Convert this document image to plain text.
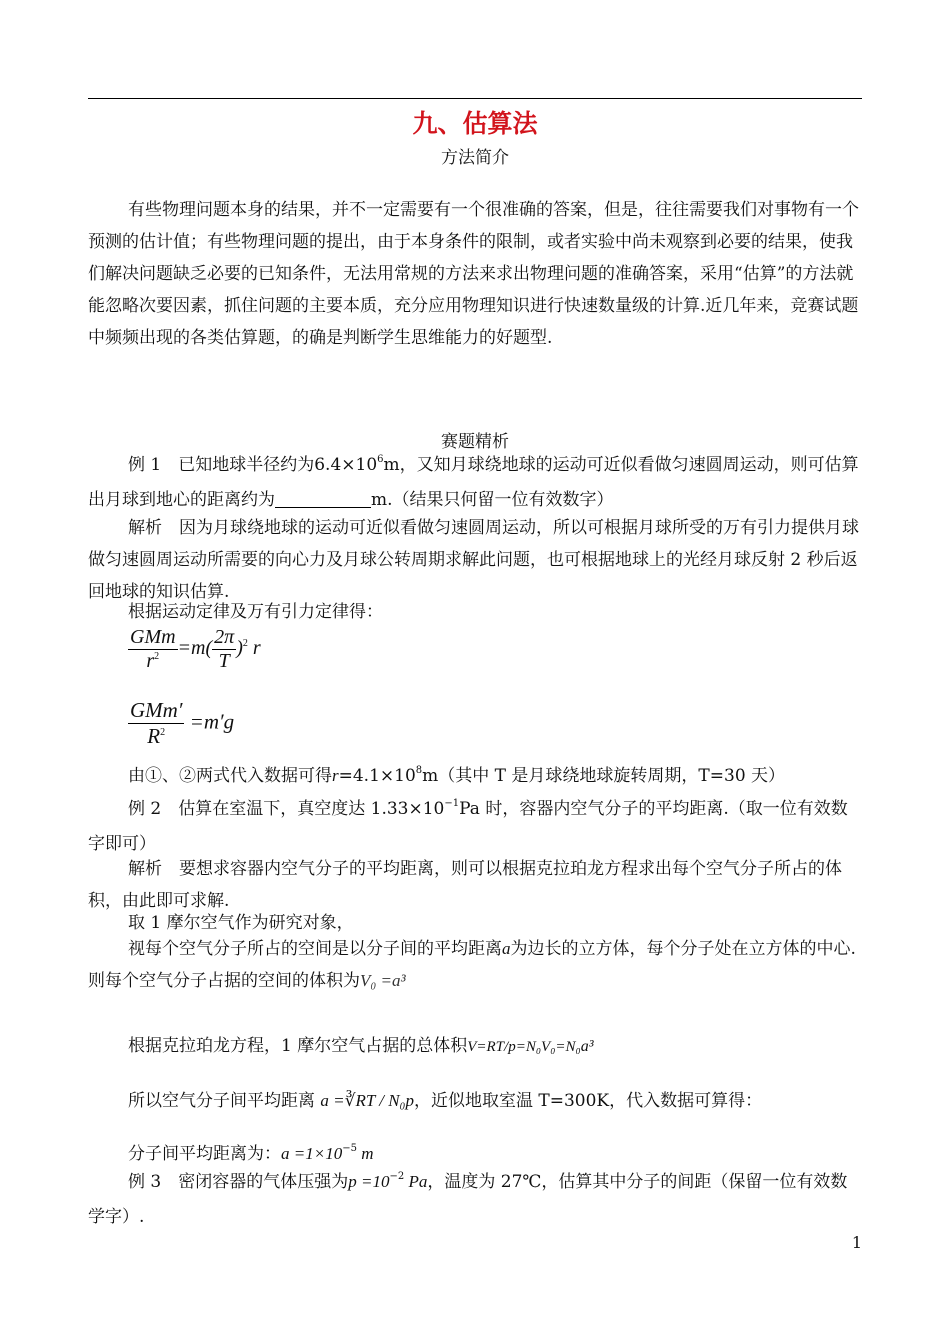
九、估算法
方法简介

有些物理问题本身的结果，并不一定需要有一个很准确的答案，但是，往往需要我们对事物有一个预测的估计值；有些物理问题的提出，由于本身条件的限制，或者实验中尚未观察到必要的结果，使我们解决问题缺乏必要的已知条件，无法用常规的方法来求出物理问题的准确答案，采用“估算”的方法就能忽略次要因素，抓住问题的主要本质，充分应用物理知识进行快速数量级的计算.近几年来，竞赛试题中频频出现的各类估算题，的确是判断学生思维能力的好题型.

赛题精析

例 1　已知地球半径约为$6.4\times 10^6m$，又知月球绕地球的运动可近似看做匀速圆周运动，则可估算出月球到地心的距离约为	m.（结果只何留一位有效数字）

解析　因为月球绕地球的运动可近似看做匀速圆周运动，所以可根据月球所受的万有引力提供月球做匀速圆周运动所需要的向心力及月球公转周期求解此问题，也可根据地球上的光经月球反射 2 秒后返回地球的知识估算.

根据运动定律及万有引力定律得：

$\frac{\text{GMm}}{r^2} =m( \frac{2\pi}{T} )^2$ r
$\frac{\text{GMm′}}{R^2} =m'g$

由①、②两式代入数据可得$r=4.1\times 10^8m$（其中 T 是月球绕地球旋转周期，T=30 天）

例 2　估算在室温下，真空度达 $1.33\times 10^{-1}Pa$ 时，容器内空气分子的平均距离.（取一位有效数字即可）

解析　要想求容器内空气分子的平均距离，则可以根据克拉珀龙方程求出每个空气分子所占的体积，由此即可求解.

取 1 摩尔空气作为研究对象，

视每个空气分子所占的空间是以分子间的平均距离a为边长的立方体，每个分子处在立方体的中心.则每个空气分子占据的空间的体积为V₀ =a³

根据克拉珀龙方程，1 摩尔空气占据的总体积V=RT/p=N₀V₀=N₀a³

所以空气分子间平均距离 a =∛RT / N₀p，近似地取室温 T=300K，代入数据可算得：

分子间平均距离为：$a =1\times 10^{-5}$ m

例 3　密闭容器的气体压强为$p =10^{-2}$ Pa，温度为 27℃，估算其中分子的间距（保留一位有效数学字）.

1
